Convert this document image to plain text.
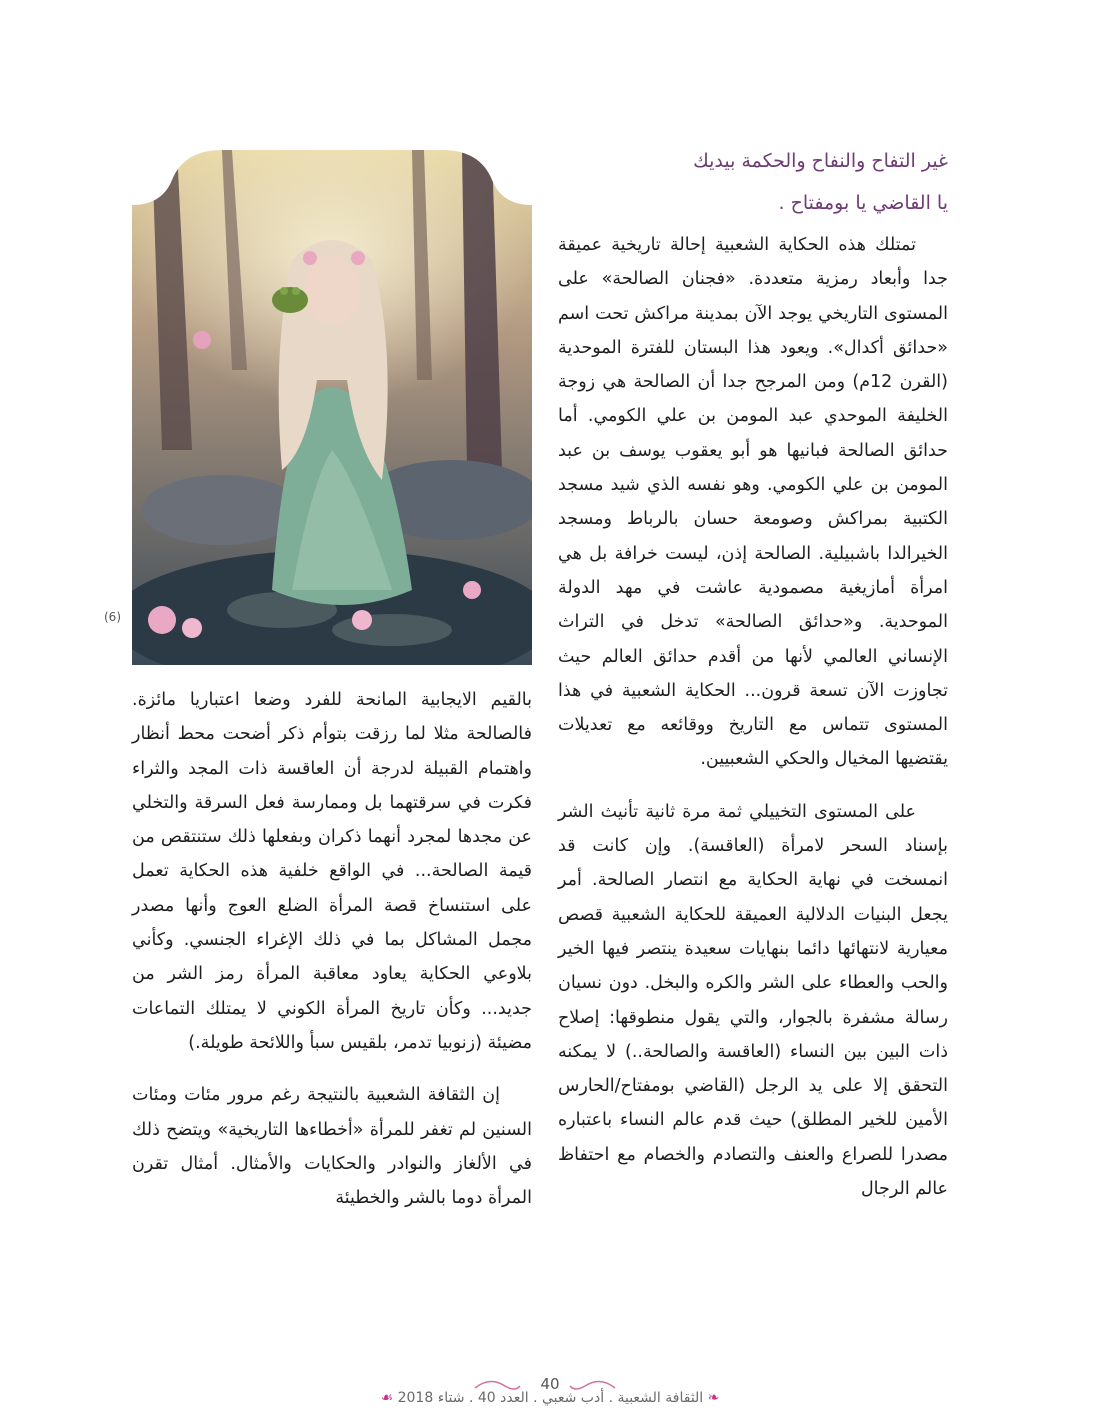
غير التفاح والنفاح والحكمة بيديك

يا القاضي يا بومفتاح .

تمتلك هذه الحكاية الشعبية إحالة تاريخية عميقة جدا وأبعاد رمزية متعددة. «فجنان الصالحة» على المستوى التاريخي يوجد الآن بمدينة مراكش تحت اسم «حدائق أكدال». ويعود هذا البستان للفترة الموحدية (القرن 12م) ومن المرجح جدا أن الصالحة هي زوجة الخليفة الموحدي عبد المومن بن علي الكومي. أما حدائق الصالحة فبانيها هو أبو يعقوب يوسف بن عبد المومن بن علي الكومي. وهو نفسه الذي شيد مسجد الكتبية بمراكش وصومعة حسان بالرباط ومسجد الخيرالدا باشبيلية. الصالحة إذن، ليست خرافة بل هي امرأة أمازيغية مصمودية عاشت في مهد الدولة الموحدية. و«حدائق الصالحة» تدخل في التراث الإنساني العالمي لأنها من أقدم حدائق العالم حيث تجاوزت الآن تسعة قرون... الحكاية الشعبية في هذا المستوى تتماس مع التاريخ ووقائعه مع تعديلات يقتضيها المخيال والحكي الشعبيين.

على المستوى التخييلي ثمة مرة ثانية تأنيث الشر بإسناد السحر لامرأة (العاقسة). وإن كانت قد انمسخت في نهاية الحكاية مع انتصار الصالحة. أمر يجعل البنيات الدلالية العميقة للحكاية الشعبية قصص معيارية لانتهائها دائما بنهايات سعيدة ينتصر فيها الخير والحب والعطاء على الشر والكره والبخل. دون نسيان رسالة مشفرة بالجوار، والتي يقول منطوقها: إصلاح ذات البين بين النساء (العاقسة والصالحة..) لا يمكنه التحقق إلا على يد الرجل (القاضي بومفتاح/الحارس الأمين للخير المطلق) حيث قدم عالم النساء باعتباره مصدرا للصراع والعنف والتصادم والخصام مع احتفاظ عالم الرجال

(6)

بالقيم الايجابية المانحة للفرد وضعا اعتباريا مائزة. فالصالحة مثلا لما رزقت بتوأم ذكر أضحت محط أنظار واهتمام القبيلة لدرجة أن العاقسة ذات المجد والثراء فكرت في سرقتهما بل وممارسة فعل السرقة والتخلي عن مجدها لمجرد أنهما ذكران وبفعلها ذلك ستنتقص من قيمة الصالحة... في الواقع خلفية هذه الحكاية تعمل على استنساخ قصة المرأة الضلع العوج وأنها مصدر مجمل المشاكل بما في ذلك الإغراء الجنسي. وكأني بلاوعي الحكاية يعاود معاقبة المرأة رمز الشر من جديد... وكأن تاريخ المرأة الكوني لا يمتلك التماعات مضيئة (زنوبيا تدمر، بلقيس سبأ واللائحة طويلة.)

إن الثقافة الشعبية بالنتيجة رغم مرور مئات ومئات السنين لم تغفر للمرأة «أخطاءها التاريخية» ويتضح ذلك في الألغاز والنوادر والحكايات والأمثال. أمثال تقرن المرأة دوما بالشر والخطيئة

40
❧ الثقافة الشعبية . أدب شعبي . العدد 40 . شتاء 2018 ☙
